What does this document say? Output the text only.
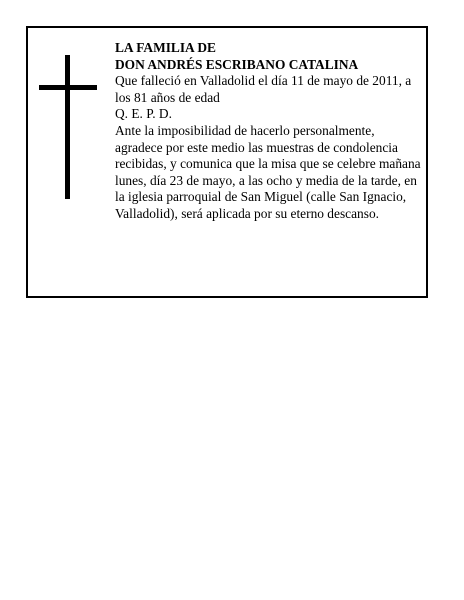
LA FAMILIA DE

DON ANDRÉS ESCRIBANO CATALINA

Que falleció en Valladolid el día 11 de mayo de 2011, a los 81 años de edad

Q. E. P. D.

Ante la imposibilidad de hacerlo personalmente, agradece por este medio las muestras de condolencia recibidas, y comunica que la misa que se celebre mañana lunes, día 23 de mayo, a las ocho y media de la tarde, en la iglesia parroquial de San Miguel (calle San Ignacio, Valladolid), será aplicada por su eterno descanso.
